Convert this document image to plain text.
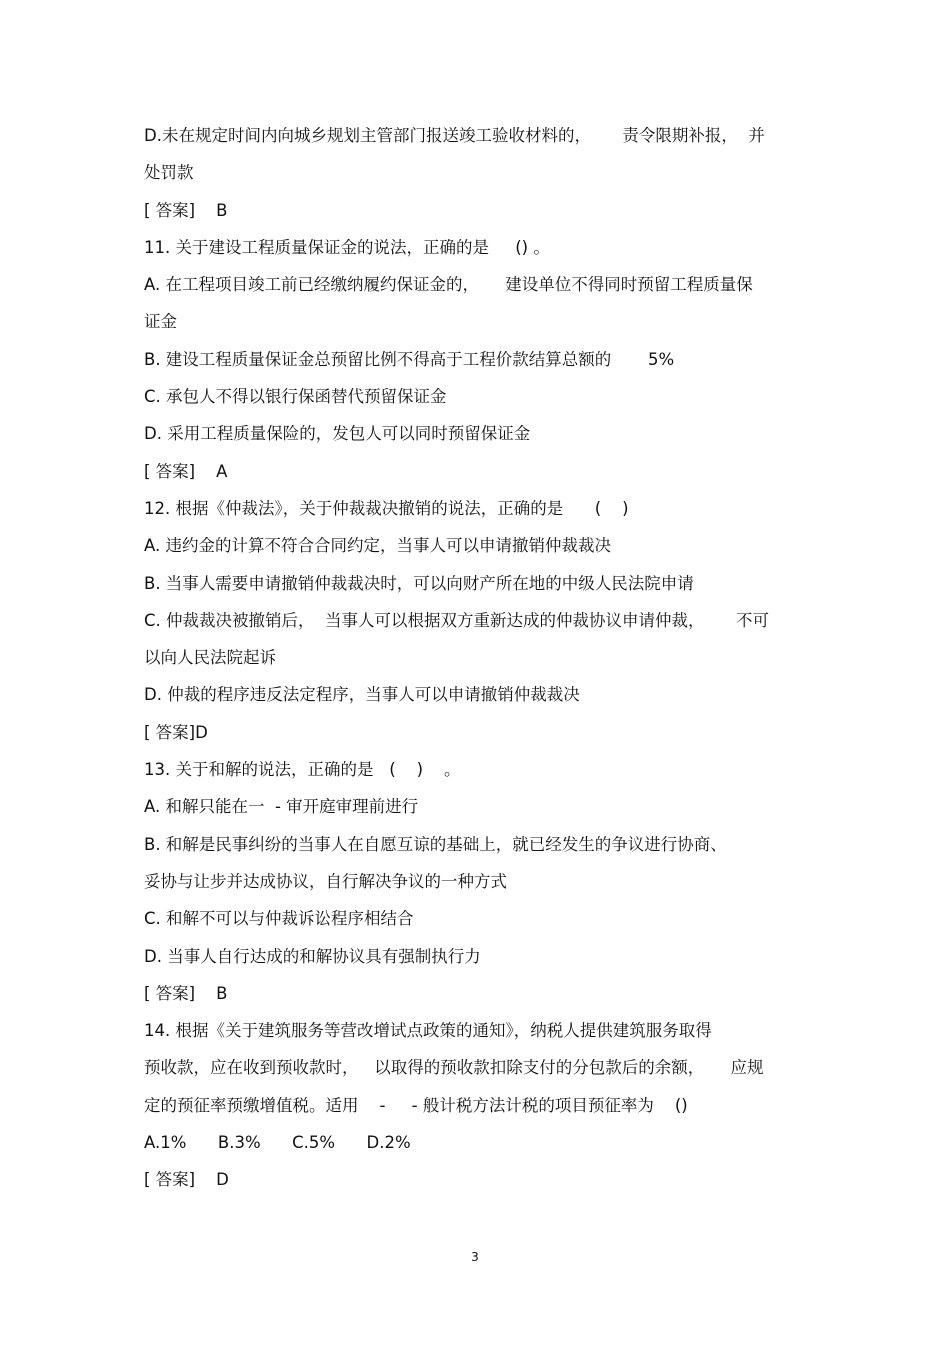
D.未在规定时间内向城乡规划主管部门报送竣工验收材料的，      责令限期补报，  并
处罚款
[ 答案]    B
11. 关于建设工程质量保证金的说法，正确的是     () 。
A. 在工程项目竣工前已经缴纳履约保证金的，     建设单位不得同时预留工程质量保
证金
B. 建设工程质量保证金总预留比例不得高于工程价款结算总额的       5%
C. 承包人不得以银行保函替代预留保证金
D. 采用工程质量保险的，发包人可以同时预留保证金
[ 答案]    A
12. 根据《仲裁法》，关于仲裁裁决撤销的说法，正确的是      (    )
A. 违约金的计算不符合合同约定，当事人可以申请撤销仲裁裁决
B. 当事人需要申请撤销仲裁裁决时，可以向财产所在地的中级人民法院申请
C. 仲裁裁决被撤销后，  当事人可以根据双方重新达成的仲裁协议申请仲裁，      不可
以向人民法院起诉
D. 仲裁的程序违反法定程序，当事人可以申请撤销仲裁裁决
[ 答案]D
13. 关于和解的说法，正确的是   (    )    。
A. 和解只能在一  - 审开庭审理前进行
B. 和解是民事纠纷的当事人在自愿互谅的基础上，就已经发生的争议进行协商、
妥协与让步并达成协议，自行解决争议的一种方式
C. 和解不可以与仲裁诉讼程序相结合
D. 当事人自行达成的和解协议具有强制执行力
[ 答案]    B
14. 根据《关于建筑服务等营改增试点政策的通知》，纳税人提供建筑服务取得
预收款，应在收到预收款时，   以取得的预收款扣除支付的分包款后的余额，     应规
定的预征率预缴增值税。适用    -     - 般计税方法计税的项目预征率为    ()
A.1%      B.3%      C.5%      D.2%
[ 答案]    D
3
